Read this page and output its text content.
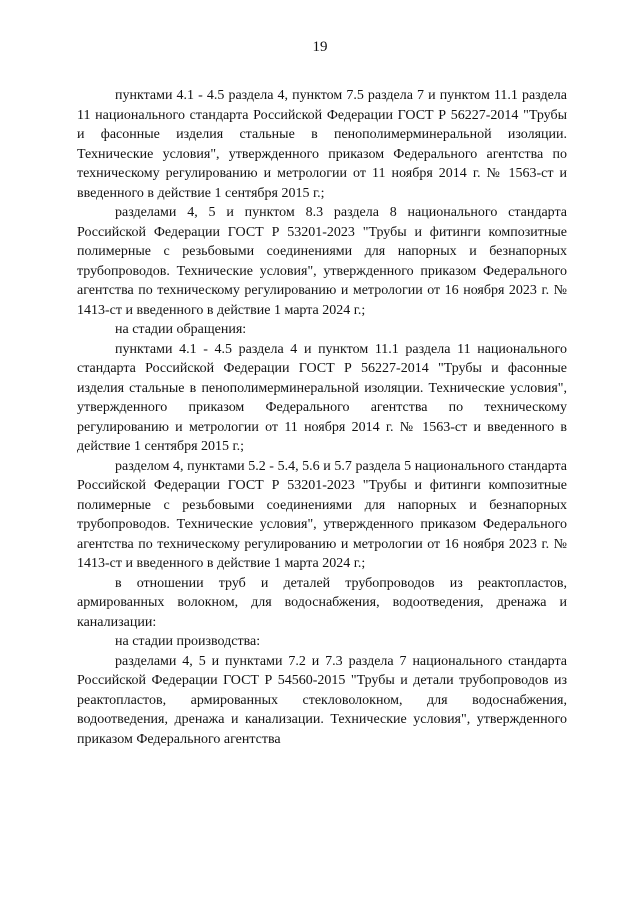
19

пунктами 4.1 - 4.5 раздела 4, пунктом 7.5 раздела 7 и пунктом 11.1 раздела 11 национального стандарта Российской Федерации ГОСТ Р 56227-2014 "Трубы и фасонные изделия стальные в пенополимерминеральной изоляции. Технические условия", утвержденного приказом Федерального агентства по техническому регулированию и метрологии от 11 ноября 2014 г. № 1563-ст и введенного в действие 1 сентября 2015 г.;

разделами 4, 5 и пунктом 8.3 раздела 8 национального стандарта Российской Федерации ГОСТ Р 53201-2023 "Трубы и фитинги композитные полимерные с резьбовыми соединениями для напорных и безнапорных трубопроводов. Технические условия", утвержденного приказом Федерального агентства по техническому регулированию и метрологии от 16 ноября 2023 г. № 1413-ст и введенного в действие 1 марта 2024 г.;

на стадии обращения:

пунктами 4.1 - 4.5 раздела 4 и пунктом 11.1 раздела 11 национального стандарта Российской Федерации ГОСТ Р 56227-2014 "Трубы и фасонные изделия стальные в пенополимерминеральной изоляции. Технические условия", утвержденного приказом Федерального агентства по техническому регулированию и метрологии от 11 ноября 2014 г. № 1563-ст и введенного в действие 1 сентября 2015 г.;

разделом 4, пунктами 5.2 - 5.4, 5.6 и 5.7 раздела 5 национального стандарта Российской Федерации ГОСТ Р 53201-2023 "Трубы и фитинги композитные полимерные с резьбовыми соединениями для напорных и безнапорных трубопроводов. Технические условия", утвержденного приказом Федерального агентства по техническому регулированию и метрологии от 16 ноября 2023 г. № 1413-ст и введенного в действие 1 марта 2024 г.;

в отношении труб и деталей трубопроводов из реактопластов, армированных волокном, для водоснабжения, водоотведения, дренажа и канализации:

на стадии производства:

разделами 4, 5 и пунктами 7.2 и 7.3 раздела 7 национального стандарта Российской Федерации ГОСТ Р 54560-2015 "Трубы и детали трубопроводов из реактопластов, армированных стекловолокном, для водоснабжения, водоотведения, дренажа и канализации. Технические условия", утвержденного приказом Федерального агентства
